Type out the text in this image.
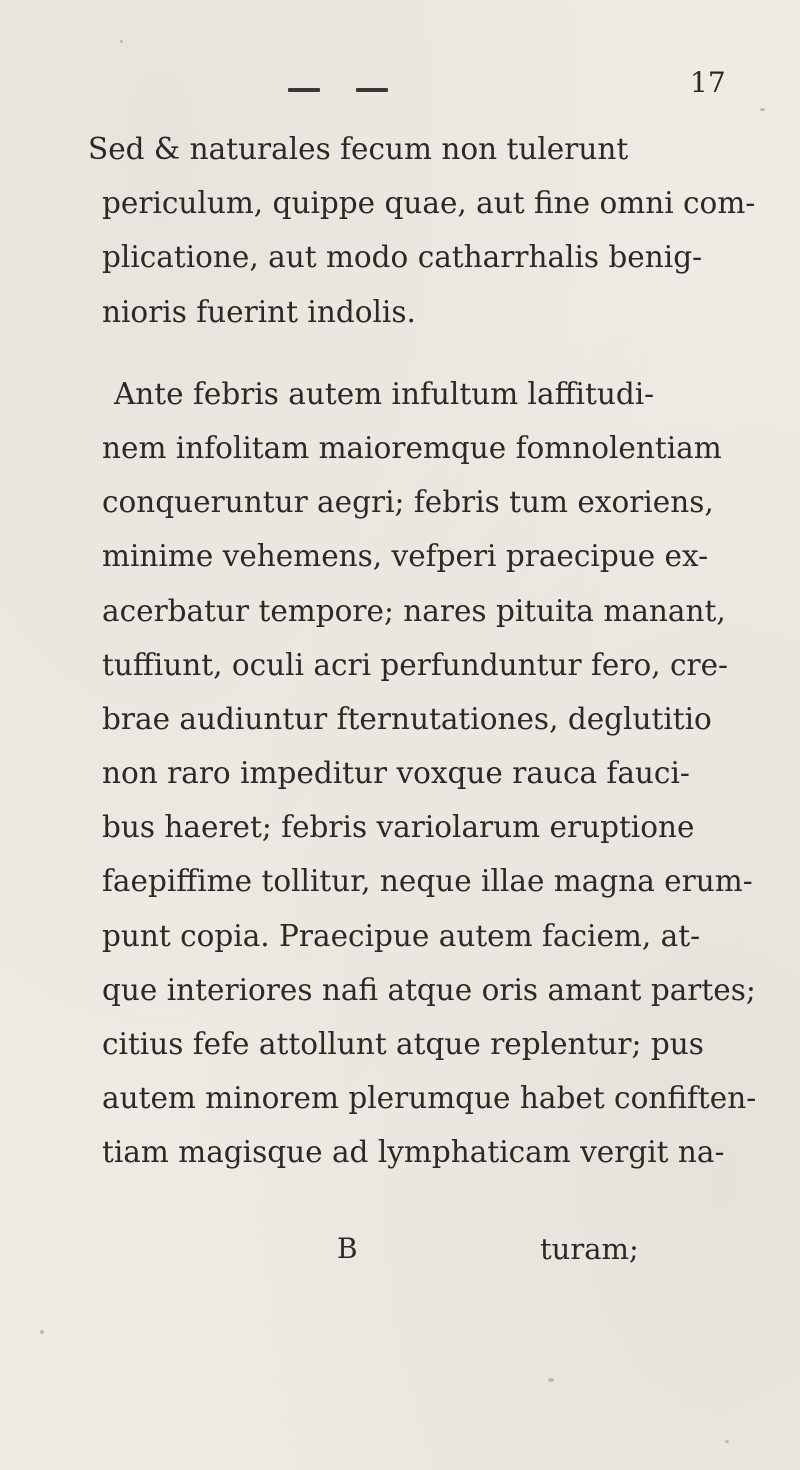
17
Sed & naturales fecum non tulerunt
periculum, quippe quae, aut fine omni com-
plicatione, aut modo catharrhalis benig-
nioris fuerint indolis.
Ante febris autem infultum laffitudi-
nem infolitam maioremque fomnolentiam
conqueruntur aegri; febris tum exoriens,
minime vehemens, vefperi praecipue ex-
acerbatur tempore; nares pituita manant,
tuffiunt, oculi acri perfunduntur fero, cre-
brae audiuntur fternutationes, deglutitio
non raro impeditur voxque rauca fauci-
bus haeret; febris variolarum eruptione
faepiffime tollitur, neque illae magna erum-
punt copia. Praecipue autem faciem, at-
que interiores nafi atque oris amant partes;
citius fefe attollunt atque replentur; pus
autem minorem plerumque habet confiften-
tiam magisque ad lymphaticam vergit na-
B	turam;
